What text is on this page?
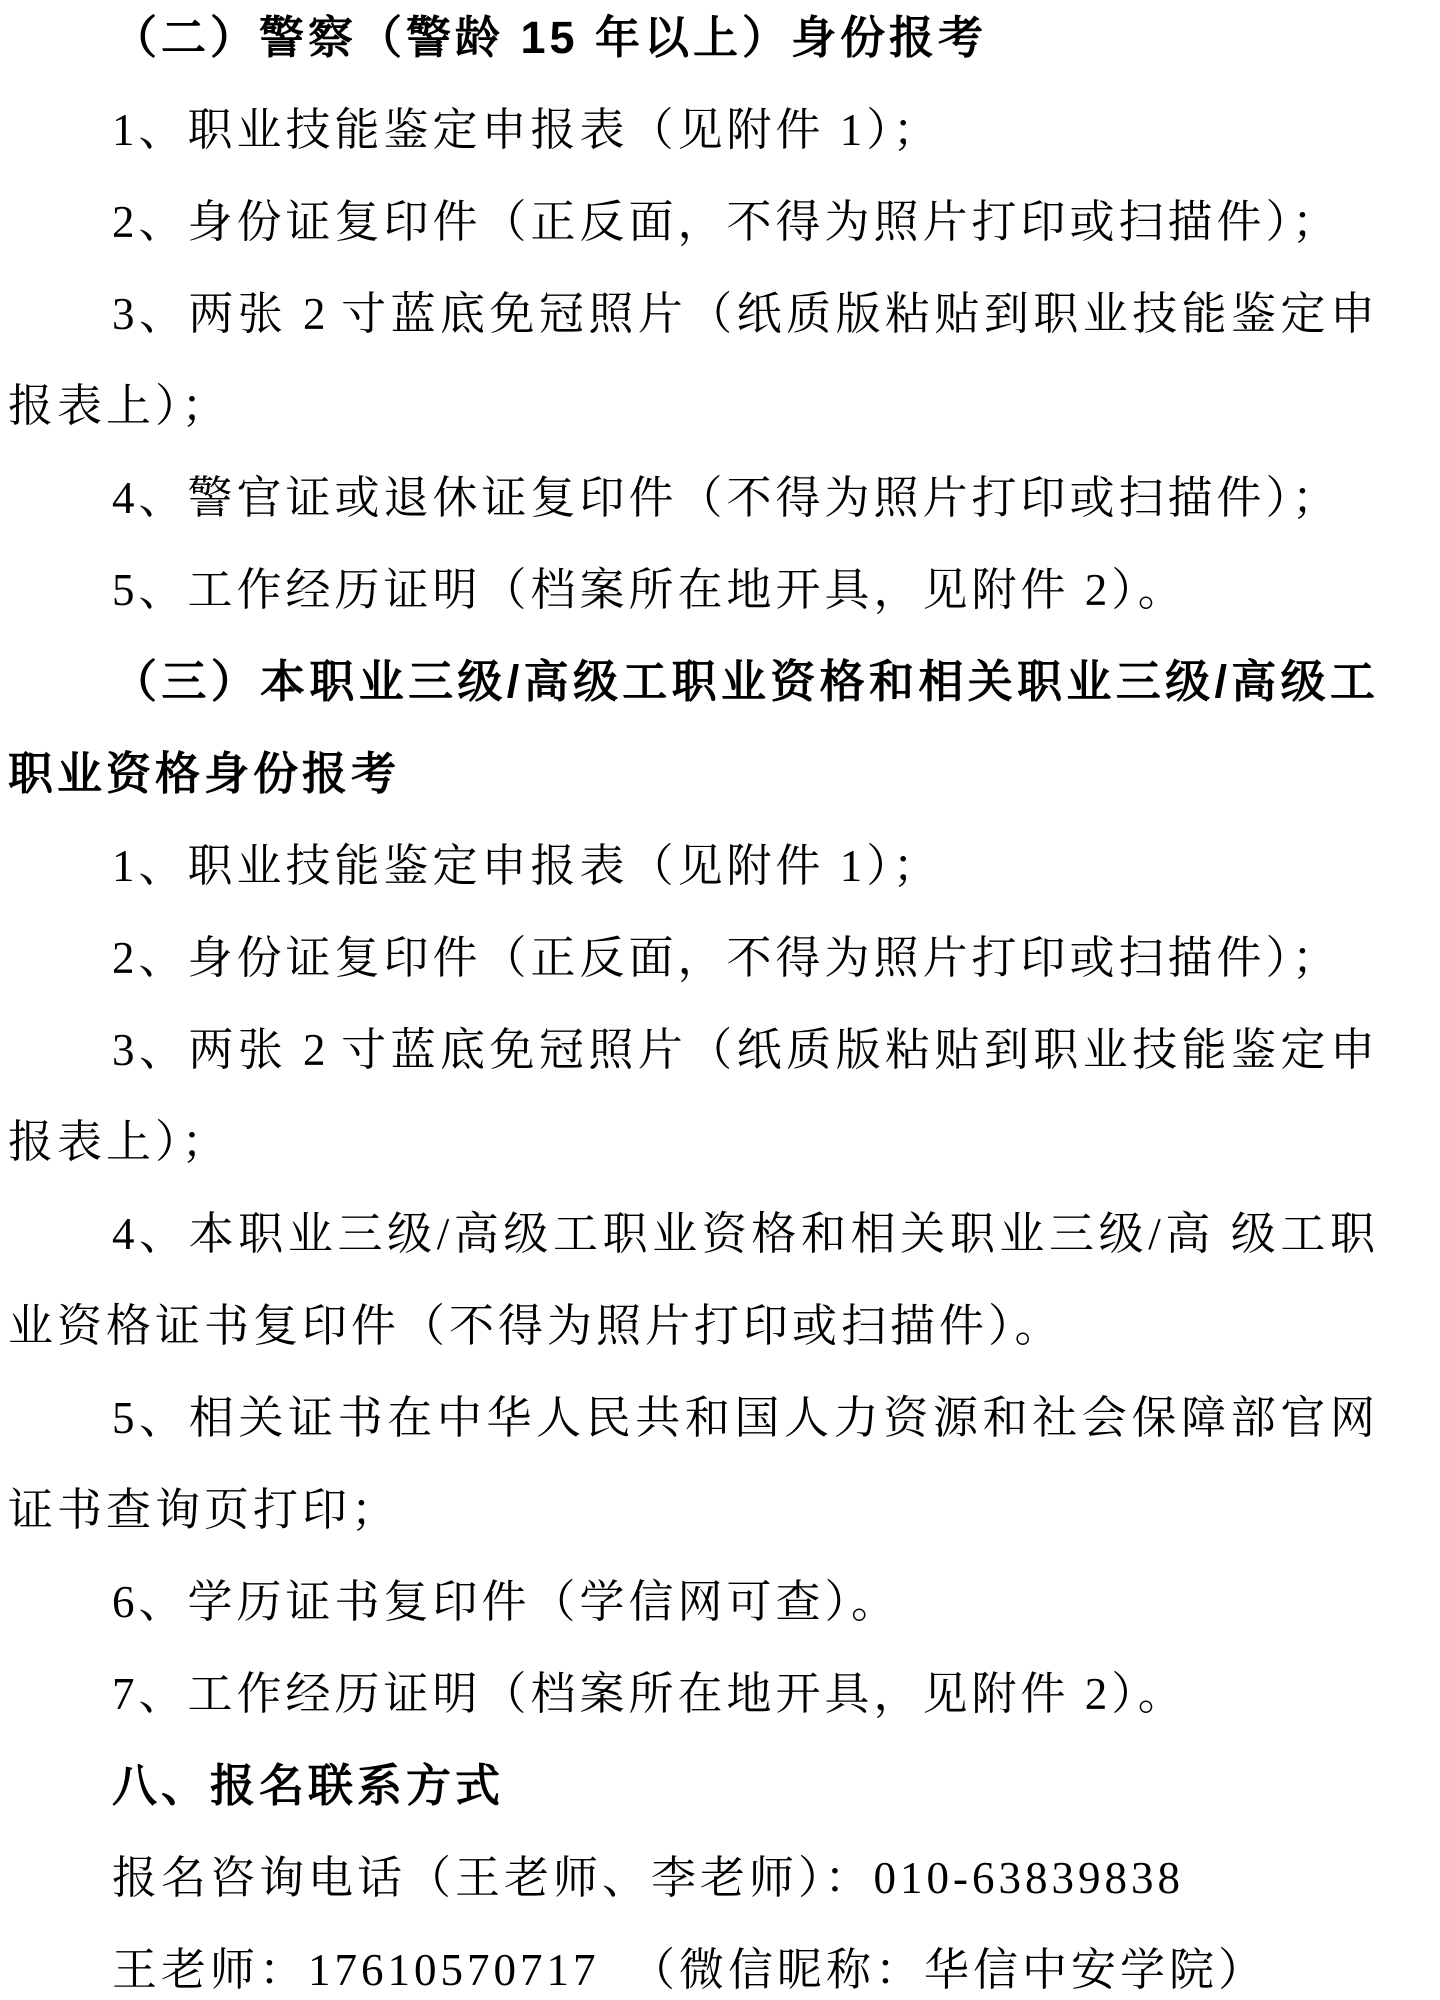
（二）警察（警龄 15 年以上）身份报考
1、职业技能鉴定申报表（见附件 1）；
2、身份证复印件（正反面，不得为照片打印或扫描件）；
3、两张 2 寸蓝底免冠照片（纸质版粘贴到职业技能鉴定申
报表上）；
4、警官证或退休证复印件（不得为照片打印或扫描件）；
5、工作经历证明（档案所在地开具，见附件 2）。
（三）本职业三级/高级工职业资格和相关职业三级/高级工
职业资格身份报考
1、职业技能鉴定申报表（见附件 1）；
2、身份证复印件（正反面，不得为照片打印或扫描件）；
3、两张 2 寸蓝底免冠照片（纸质版粘贴到职业技能鉴定申
报表上）；
4、本职业三级/高级工职业资格和相关职业三级/高 级工职
业资格证书复印件（不得为照片打印或扫描件）。
5、相关证书在中华人民共和国人力资源和社会保障部官网
证书查询页打印；
6、学历证书复印件（学信网可查）。
7、工作经历证明（档案所在地开具，见附件 2）。
八、报名联系方式
报名咨询电话（王老师、李老师）：010-63839838
王老师：17610570717  （微信昵称：华信中安学院）
